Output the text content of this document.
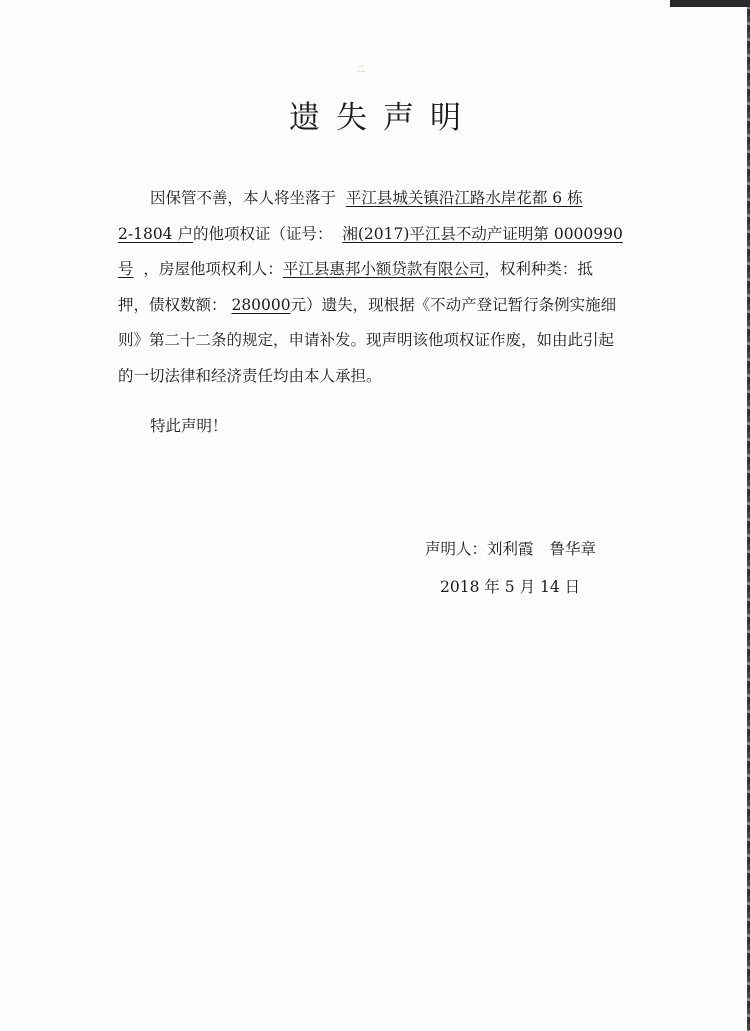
二
遗失声明
因保管不善，本人将坐落于 平江县城关镇沿江路水岸花都 6 栋
2-1804 户的他项权证（证号： 湘(2017)平江县不动产证明第 0000990
号 ，房屋他项权利人：平江县惠邦小额贷款有限公司，权利种类：抵
押，债权数额： 280000元）遗失，现根据《不动产登记暂行条例实施细
则》第二十二条的规定，申请补发。现声明该他项权证作废，如由此引起
的一切法律和经济责任均由本人承担。
特此声明！
声明人：刘利霞 鲁华章
2018 年 5 月 14 日
